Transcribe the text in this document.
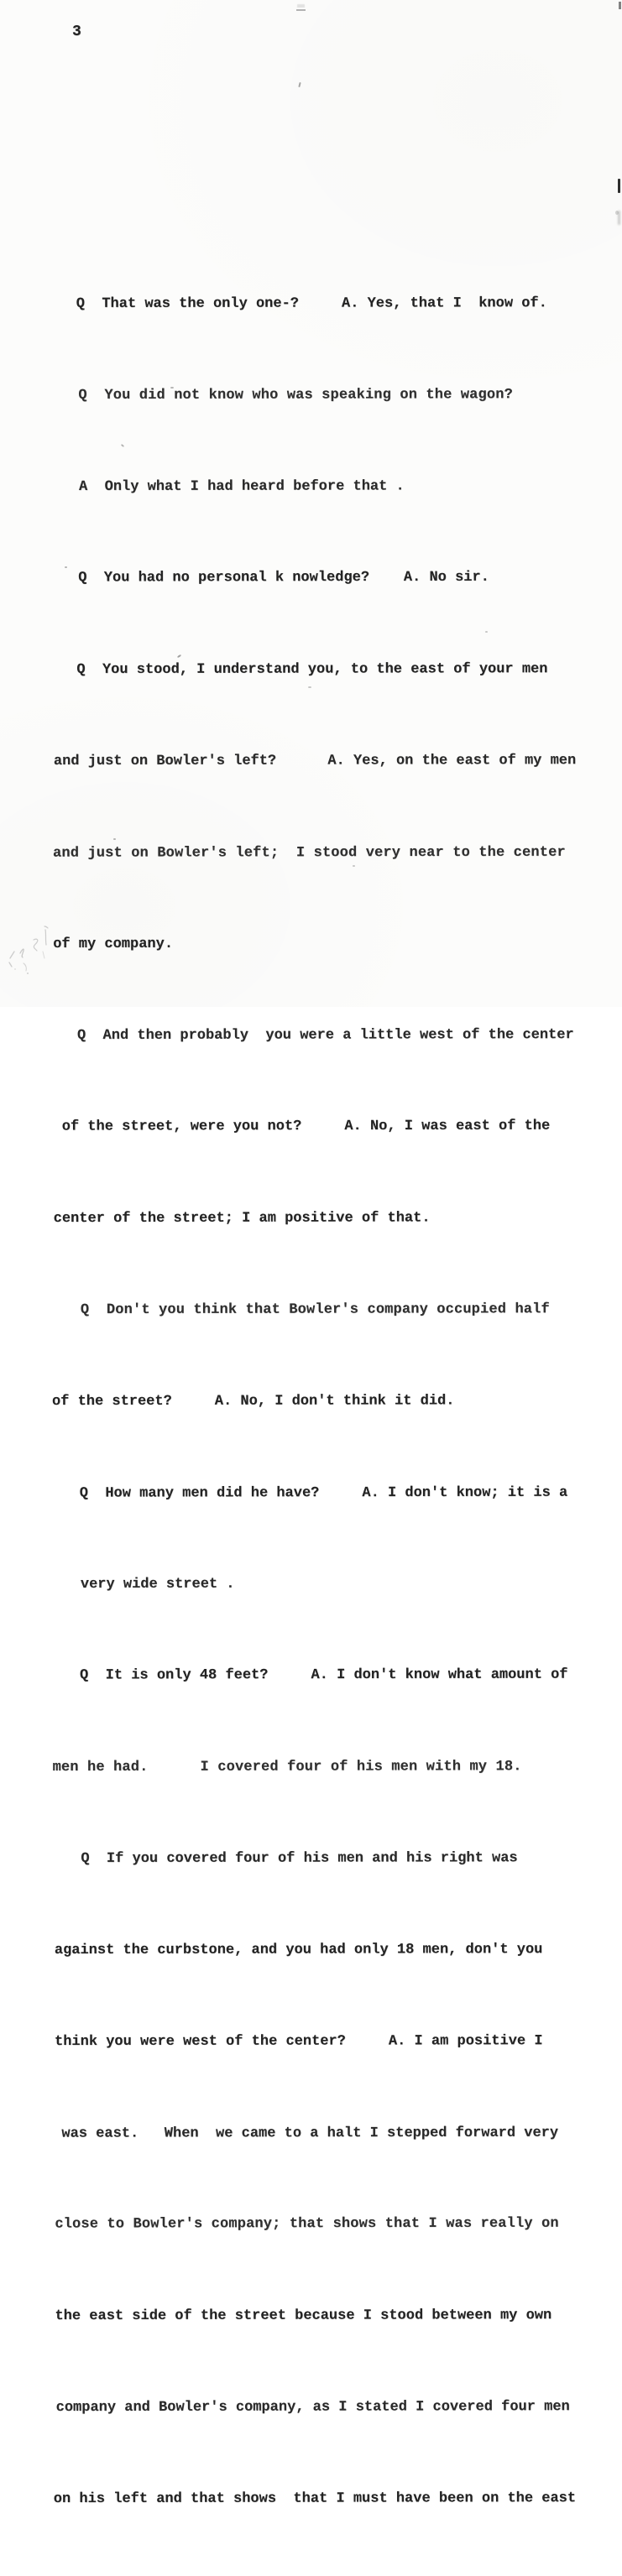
3

Q  That was the only one-?     A. Yes, that I  know of.

Q  You did not know who was speaking on the wagon?

A  Only what I had heard before that .

Q  You had no personal k nowledge?    A. No sir.

Q  You stood, I understand you, to the east of your men

and just on Bowler's left?      A. Yes, on the east of my men

and just on Bowler's left;  I stood very near to the center

of my company.

Q  And then probably  you were a little west of the center

of the street, were you not?     A. No, I was east of the

center of the street; I am positive of that.

Q  Don't you think that Bowler's company occupied half

of the street?     A. No, I don't think it did.

Q  How many men did he have?     A. I don't know; it is a

very wide street .

Q  It is only 48 feet?     A. I don't know what amount of

men he had.      I covered four of his men with my 18.

Q  If you covered four of his men and his right was

against the curbstone, and you had only 18 men, don't you

think you were west of the center?     A. I am positive I

was east.   When  we came to a halt I stepped forward very

close to Bowler's company; that shows that I was really on

the east side of the street because I stood between my own

company and Bowler's company, as I stated I covered four men

on his left and that shows  that I must have been on the east
